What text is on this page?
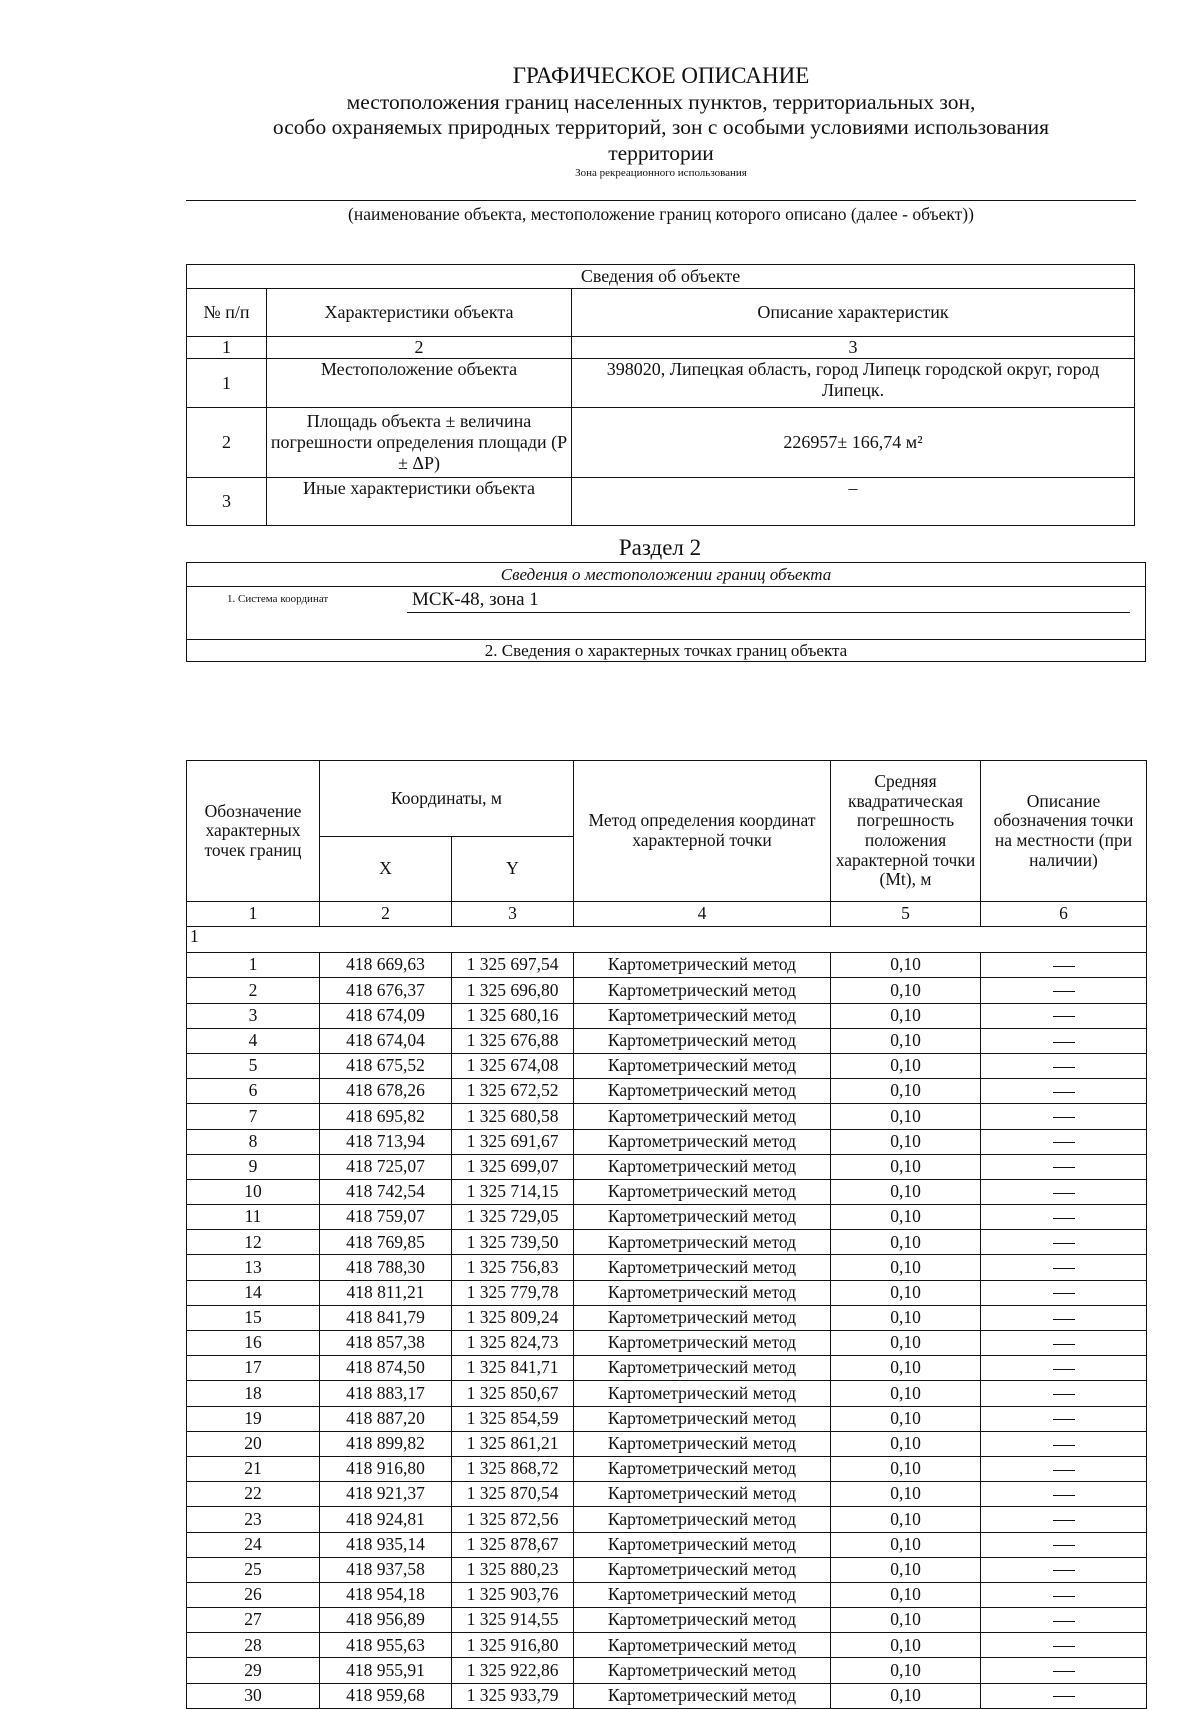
ГРАФИЧЕСКОЕ ОПИСАНИЕ
местоположения границ населенных пунктов, территориальных зон,
особо охраняемых природных территорий, зон с особыми условиями использования
территории
Зона рекреационного использования
(наименование объекта, местоположение границ которого описано (далее - объект))
Сведения об объекте		
№ п/п	Характеристики объекта	Описание характеристик
1	2	3
1	Местоположение объекта	398020, Липецкая область, город Липецк городской округ, город Липецк.
2	Площадь объекта ± величина погрешности определения площади (P ± ΔP)	226957± 166,74 м²
3	Иные характеристики объекта	–
Раздел 2
Сведения о местоположении границ объекта

1. Система координат	МСК-48, зона 1

2. Сведения о характерных точках границ объекта
Обозначение характерных точек границ	Координаты, м		Метод определения координат характерной точки	Средняя квадратическая погрешность положения характерной точки (Mt), м	Описание обозначения точки на местности (при наличии)
	X	Y			
1	2	3	4	5	6
1					
1	418 669,63	1 325 697,54	Картометрический метод	0,10	
2	418 676,37	1 325 696,80	Картометрический метод	0,10	
3	418 674,09	1 325 680,16	Картометрический метод	0,10	
4	418 674,04	1 325 676,88	Картометрический метод	0,10	
5	418 675,52	1 325 674,08	Картометрический метод	0,10	
6	418 678,26	1 325 672,52	Картометрический метод	0,10	
7	418 695,82	1 325 680,58	Картометрический метод	0,10	
8	418 713,94	1 325 691,67	Картометрический метод	0,10	
9	418 725,07	1 325 699,07	Картометрический метод	0,10	
10	418 742,54	1 325 714,15	Картометрический метод	0,10	
11	418 759,07	1 325 729,05	Картометрический метод	0,10	
12	418 769,85	1 325 739,50	Картометрический метод	0,10	
13	418 788,30	1 325 756,83	Картометрический метод	0,10	
14	418 811,21	1 325 779,78	Картометрический метод	0,10	
15	418 841,79	1 325 809,24	Картометрический метод	0,10	
16	418 857,38	1 325 824,73	Картометрический метод	0,10	
17	418 874,50	1 325 841,71	Картометрический метод	0,10	
18	418 883,17	1 325 850,67	Картометрический метод	0,10	
19	418 887,20	1 325 854,59	Картометрический метод	0,10	
20	418 899,82	1 325 861,21	Картометрический метод	0,10	
21	418 916,80	1 325 868,72	Картометрический метод	0,10	
22	418 921,37	1 325 870,54	Картометрический метод	0,10	
23	418 924,81	1 325 872,56	Картометрический метод	0,10	
24	418 935,14	1 325 878,67	Картометрический метод	0,10	
25	418 937,58	1 325 880,23	Картометрический метод	0,10	
26	418 954,18	1 325 903,76	Картометрический метод	0,10	
27	418 956,89	1 325 914,55	Картометрический метод	0,10	
28	418 955,63	1 325 916,80	Картометрический метод	0,10	
29	418 955,91	1 325 922,86	Картометрический метод	0,10	
30	418 959,68	1 325 933,79	Картометрический метод	0,10	
